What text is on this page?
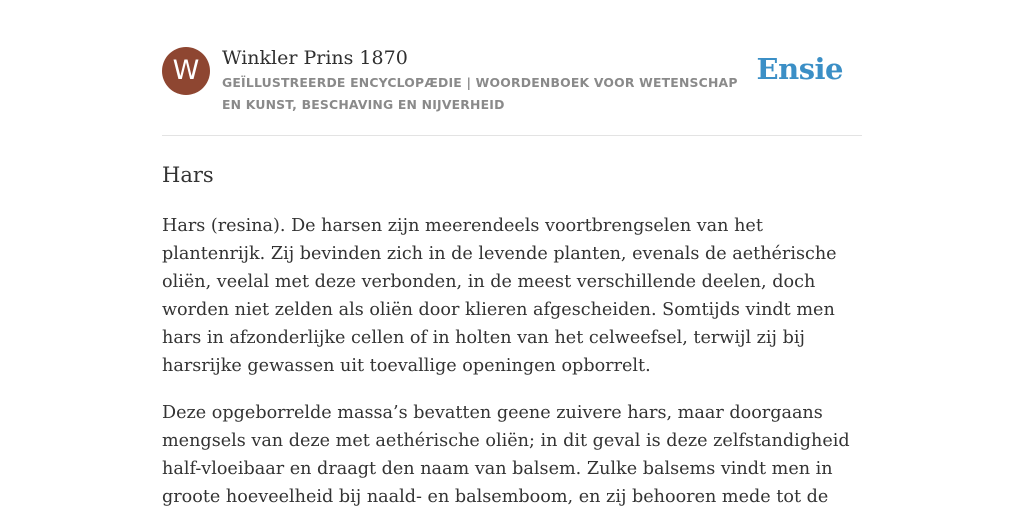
W	Winkler Prins 1870
GEÏLLUSTREERDE ENCYCLOPÆDIE | WOORDENBOEK VOOR WETENSCHAP EN KUNST, BESCHAVING EN NIJVERHEID
Ensie
Hars

Hars (resina). De harsen zijn meerendeels voortbrengselen van het plantenrijk. Zij bevinden zich in de levende planten, evenals de aethérische oliën, veelal met deze verbonden, in de meest verschillende deelen, doch worden niet zelden als oliën door klieren afgescheiden. Somtijds vindt men hars in afzonderlijke cellen of in holten van het celweefsel, terwijl zij bij harsrijke gewassen uit toevallige openingen opborrelt.

Deze opgeborrelde massa’s bevatten geene zuivere hars, maar doorgaans mengsels van deze met aethérische oliën; in dit geval is deze zelfstandigheid half-vloeibaar en draagt den naam van balsem. Zulke balsems vindt men in groote hoeveelheid bij naald- en balsemboom, en zij behooren mede tot de
